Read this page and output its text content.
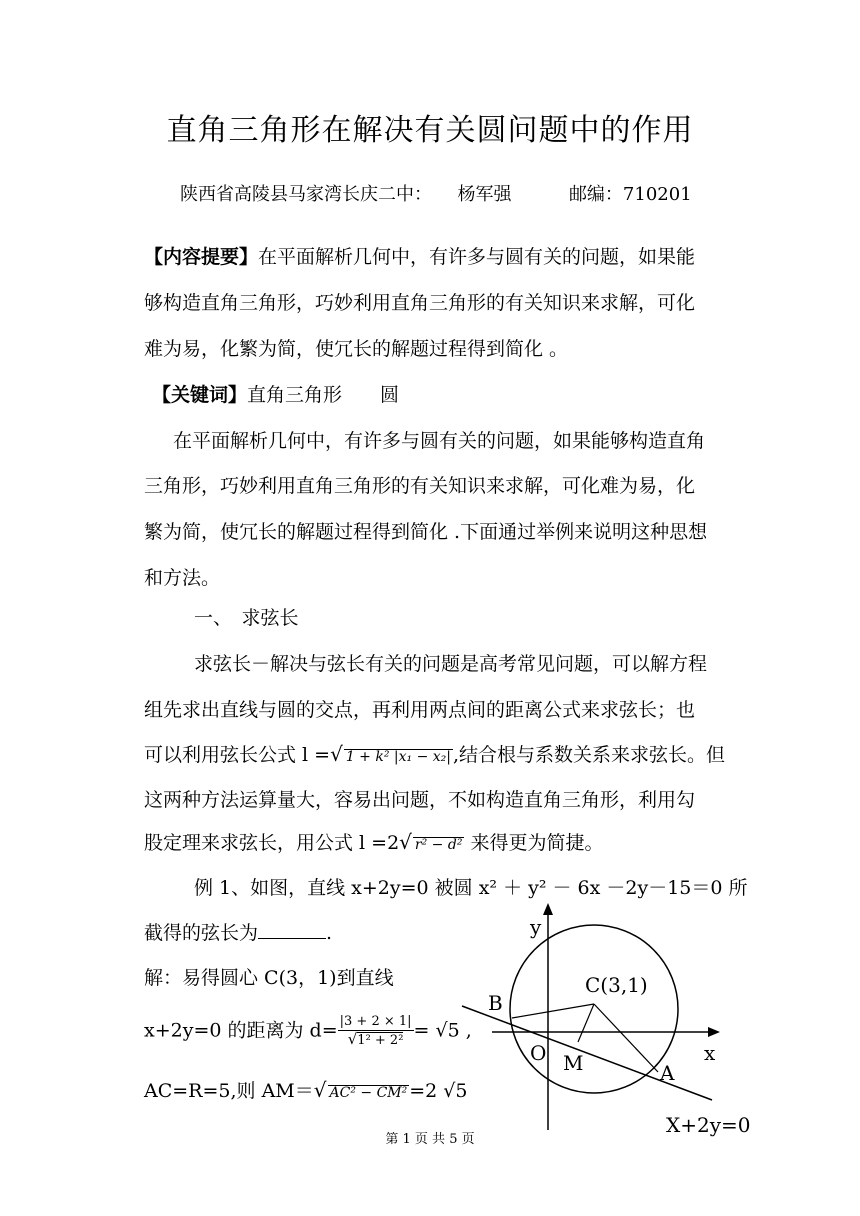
直角三角形在解决有关圆问题中的作用
陕西省高陵县马家湾长庆二中： 杨军强	邮编：710201
【内容提要】在平面解析几何中，有许多与圆有关的问题，如果能
够构造直角三角形，巧妙利用直角三角形的有关知识来求解，可化
难为易，化繁为简，使冗长的解题过程得到简化 。
【关键词】直角三角形　　圆
在平面解析几何中，有许多与圆有关的问题，如果能够构造直角
三角形，巧妙利用直角三角形的有关知识来求解，可化难为易，化
繁为简，使冗长的解题过程得到简化 .下面通过举例来说明这种思想
和方法。
一、　求弦长
求弦长－解决与弦长有关的问题是高考常见问题，可以解方程
组先求出直线与圆的交点，再利用两点间的距离公式来求弦长；也
可以利用弦长公式 l =√ 1 + k² |x₁ − x₂| ,结合根与系数关系来求弦长。但
这两种方法运算量大，容易出问题，不如构造直角三角形，利用勾
股定理来求弦长，用公式 l =2√ r² − d² 来得更为简捷。
例 1、如图，直线 x+2y=0 被圆 x² ＋ y² － 6x －2y－15＝0 所
截得的弦长为	.
解：易得圆心 C(3，1)到直线
x+2y=0 的距离为 $d= \frac{|3 + 2 \times 1|}{\text{√1² + 2²}} = √5$ ,
AC=R=5,则 AM＝√ AC² − CM² =2 √5
y
x
C(3,1)
B
O M	A
X+2y=0
第 1 页 共 5 页
